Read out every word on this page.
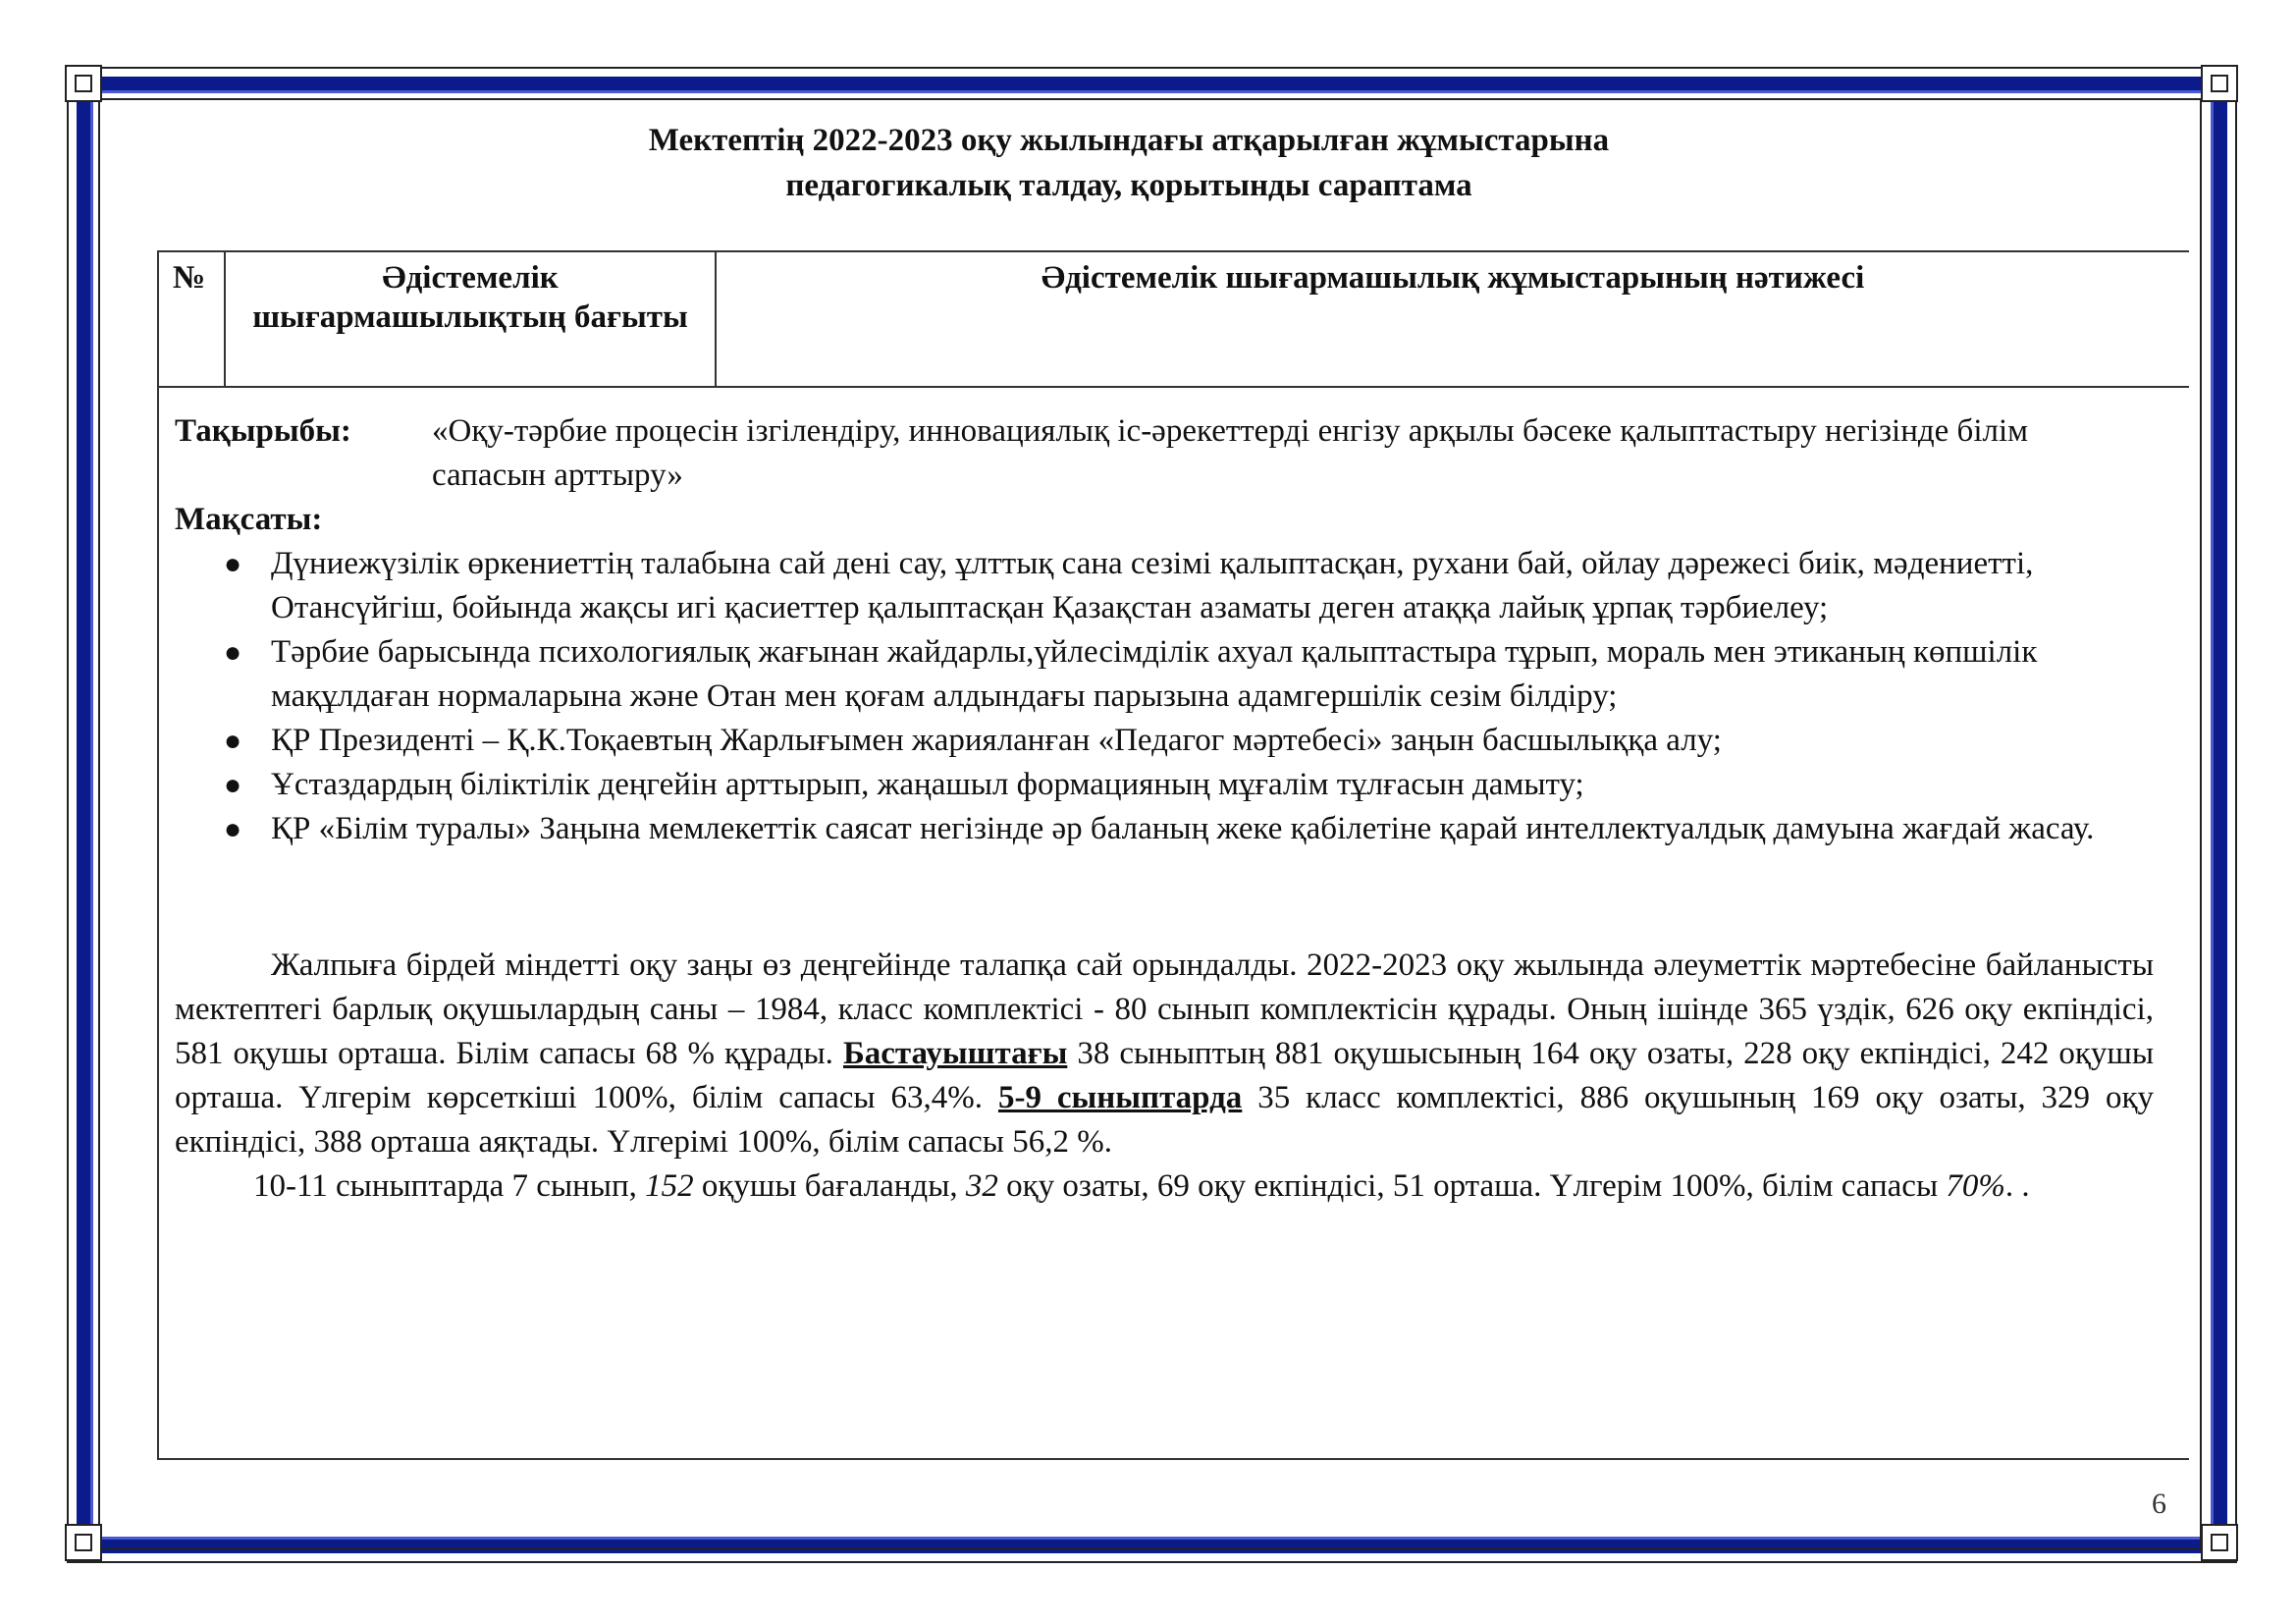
Мектептің 2022-2023 оқу жылындағы атқарылған жұмыстарына
педагогикалық талдау, қорытынды сараптама
№	Әдістемелік шығармашылықтың бағыты
Әдістемелік шығармашылық жұмыстарының нәтижесі
Тақырыбы:	«Оқу-тәрбие процесін ізгілендіру, инновациялық іс-әрекеттерді енгізу арқылы бәсеке қалыптастыру негізінде білім сапасын арттыру»
Мақсаты:
● Дүниежүзілік өркениеттің талабына сай дені сау, ұлттық сана сезімі қалыптасқан, рухани бай, ойлау дәрежесі биік, мәдениетті, Отансүйгіш, бойында жақсы игі қасиеттер қалыптасқан Қазақстан азаматы деген атаққа лайық ұрпақ тәрбиелеу;
● Тәрбие барысында психологиялық жағынан жайдарлы,үйлесімділік ахуал қалыптастыра тұрып, мораль мен этиканың көпшілік мақұлдаған нормаларына және Отан мен қоғам алдындағы парызына адамгершілік сезім білдіру;
● ҚР Президенті – Қ.К.Тоқаевтың Жарлығымен жарияланған «Педагог мәртебесі» заңын басшылыққа алу;
● Ұстаздардың біліктілік деңгейін арттырып, жаңашыл формацияның мұғалім тұлғасын дамыту;
● ҚР «Білім туралы» Заңына мемлекеттік саясат негізінде әр баланың жеке қабілетіне қарай интеллектуалдық дамуына жағдай жасау.

Жалпыға бірдей міндетті оқу заңы өз деңгейінде талапқа сай орындалды. 2022-2023 оқу жылында әлеуметтік мәртебесіне байланысты мектептегі барлық оқушылардың саны – 1984, класс комплектісі - 80 сынып комплектісін құрады. Оның ішінде 365 үздік, 626 оқу екпіндісі, 581 оқушы орташа. Білім сапасы 68 % құрады. Бастауыштағы 38 сыныптың 881 оқушысының 164 оқу озаты, 228 оқу екпіндісі, 242 оқушы орташа. Үлгерім көрсеткіші 100%, білім сапасы 63,4%. 5-9 сыныптарда 35 класс комплектісі, 886 оқушының 169 оқу озаты, 329 оқу екпіндісі, 388 орташа аяқтады. Үлгерімі 100%, білім сапасы 56,2 %.

10-11 сыныптарда 7 сынып, 152 оқушы бағаланды, 32 оқу озаты, 69 оқу екпіндісі, 51 орташа. Үлгерім 100%, білім сапасы 70%. .

6
